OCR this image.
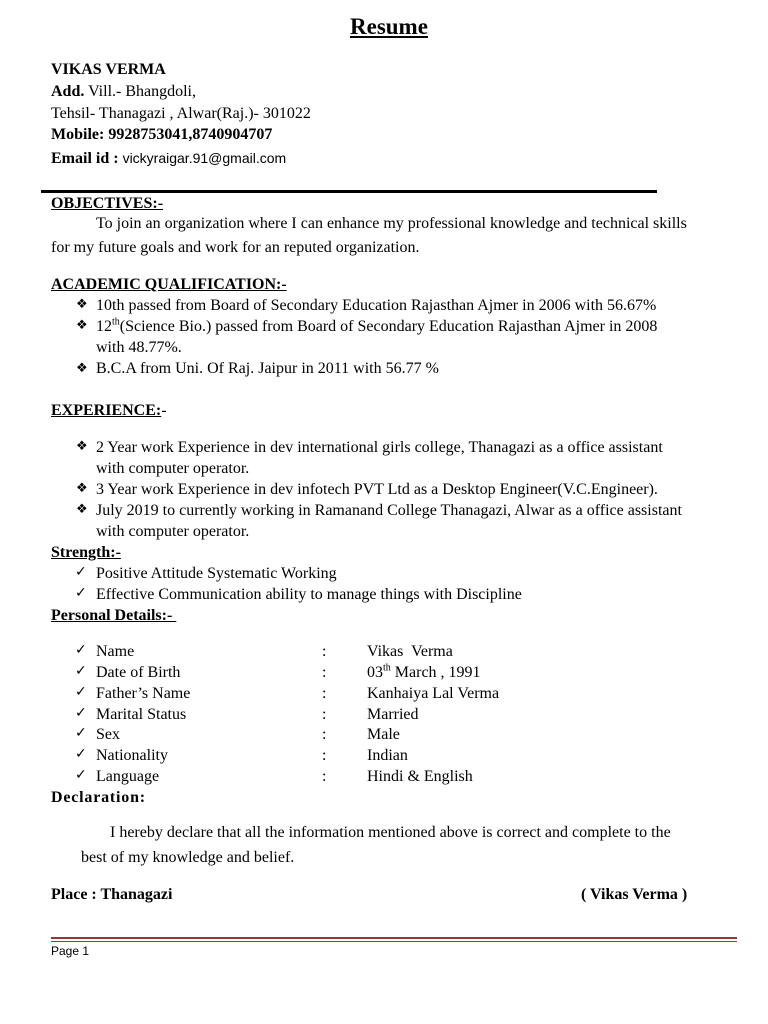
Resume
VIKAS VERMA
Add. Vill.- Bhangdoli,
Tehsil- Thanagazi , Alwar(Raj.)- 301022
Mobile: 9928753041,8740904707
Email id : vickyraigar.91@gmail.com
OBJECTIVES:-
To join an organization where I can enhance my professional knowledge and technical skills
for my future goals and work for an reputed organization.
ACADEMIC QUALIFICATION:-
❖ 10th passed from Board of Secondary Education Rajasthan Ajmer in 2006 with 56.67%
❖ 12th(Science Bio.) passed from Board of Secondary Education Rajasthan Ajmer in 2008
with 48.77%.
❖ B.C.A from Uni. Of Raj. Jaipur in 2011 with 56.77 %
EXPERIENCE:-
❖ 2 Year work Experience in dev international girls college, Thanagazi as a office assistant
with computer operator.
❖ 3 Year work Experience in dev infotech PVT Ltd as a Desktop Engineer(V.C.Engineer).
❖ July 2019 to currently working in Ramanand College Thanagazi, Alwar as a office assistant
with computer operator.
Strength:-
✓ Positive Attitude Systematic Working
✓ Effective Communication ability to manage things with Discipline
Personal Details:-
✓ Name	:	Vikas  Verma
✓ Date of Birth	:	03th March , 1991
✓ Father’s Name	:	Kanhaiya Lal Verma
✓ Marital Status	:	Married
✓ Sex	:	Male
✓ Nationality	:	Indian
✓ Language	:	Hindi & English
Declaration:
I hereby declare that all the information mentioned above is correct and complete to the
best of my knowledge and belief.
Place : Thanagazi	( Vikas Verma )
Page 1
